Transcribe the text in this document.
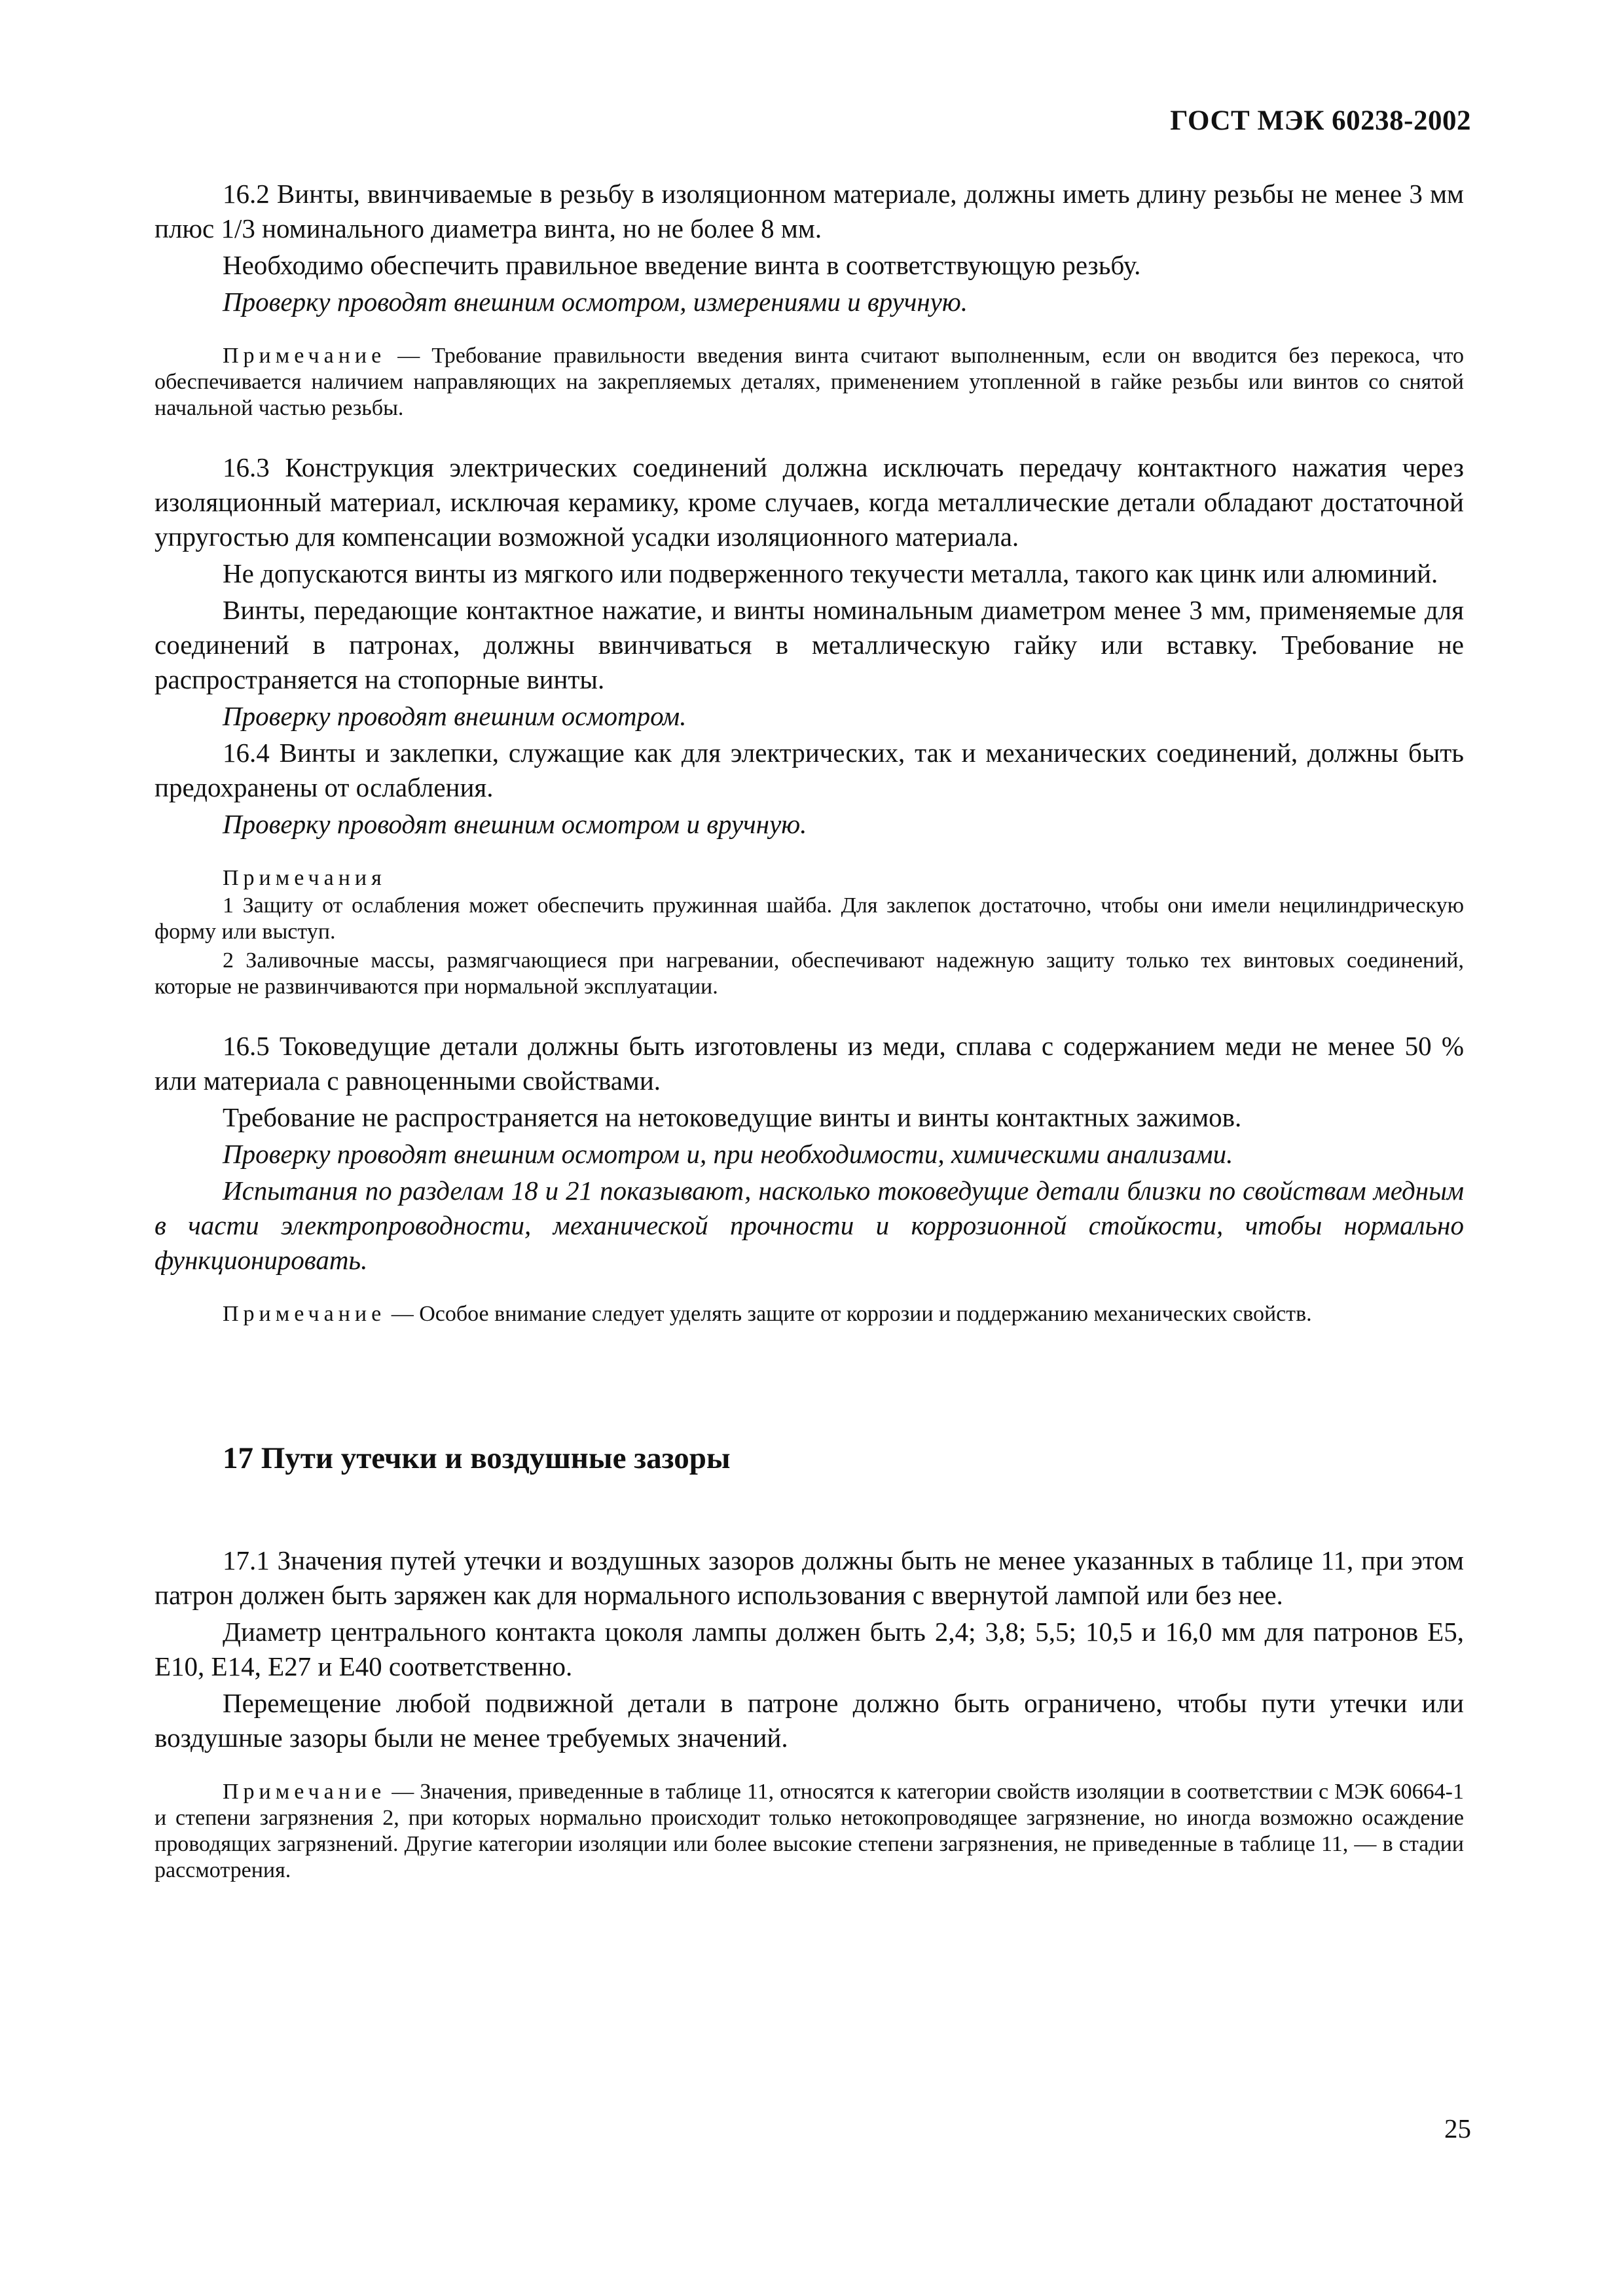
ГОСТ МЭК 60238-2002

16.2 Винты, ввинчиваемые в резьбу в изоляционном материале, должны иметь длину резьбы не менее 3 мм плюс 1/3 номинального диаметра винта, но не более 8 мм.

Необходимо обеспечить правильное введение винта в соответствующую резьбу.

Проверку проводят внешним осмотром, измерениями и вручную.

Примечание — Требование правильности введения винта считают выполненным, если он вводится без перекоса, что обеспечивается наличием направляющих на закрепляемых деталях, применением утопленной в гайке резьбы или винтов со снятой начальной частью резьбы.

16.3 Конструкция электрических соединений должна исключать передачу контактного нажатия через изоляционный материал, исключая керамику, кроме случаев, когда металлические детали обладают достаточной упругостью для компенсации возможной усадки изоляционного материала.

Не допускаются винты из мягкого или подверженного текучести металла, такого как цинк или алюминий.

Винты, передающие контактное нажатие, и винты номинальным диаметром менее 3 мм, применяемые для соединений в патронах, должны ввинчиваться в металлическую гайку или вставку. Требование не распространяется на стопорные винты.

Проверку проводят внешним осмотром.

16.4 Винты и заклепки, служащие как для электрических, так и механических соединений, должны быть предохранены от ослабления.

Проверку проводят внешним осмотром и вручную.

Примечания

1 Защиту от ослабления может обеспечить пружинная шайба. Для заклепок достаточно, чтобы они имели нецилиндрическую форму или выступ.

2 Заливочные массы, размягчающиеся при нагревании, обеспечивают надежную защиту только тех винтовых соединений, которые не развинчиваются при нормальной эксплуатации.

16.5 Токоведущие детали должны быть изготовлены из меди, сплава с содержанием меди не менее 50 % или материала с равноценными свойствами.

Требование не распространяется на нетоковедущие винты и винты контактных зажимов.

Проверку проводят внешним осмотром и, при необходимости, химическими анализами.

Испытания по разделам 18 и 21 показывают, насколько токоведущие детали близки по свойствам медным в части электропроводности, механической прочности и коррозионной стойкости, чтобы нормально функционировать.

Примечание — Особое внимание следует уделять защите от коррозии и поддержанию механических свойств.

17 Пути утечки и воздушные зазоры

17.1 Значения путей утечки и воздушных зазоров должны быть не менее указанных в таблице 11, при этом патрон должен быть заряжен как для нормального использования с ввернутой лампой или без нее.

Диаметр центрального контакта цоколя лампы должен быть 2,4; 3,8; 5,5; 10,5 и 16,0 мм для патронов Е5, Е10, Е14, Е27 и Е40 соответственно.

Перемещение любой подвижной детали в патроне должно быть ограничено, чтобы пути утечки или воздушные зазоры были не менее требуемых значений.

Примечание — Значения, приведенные в таблице 11, относятся к категории свойств изоляции в соответствии с МЭК 60664-1 и степени загрязнения 2, при которых нормально происходит только нетокопроводящее загрязнение, но иногда возможно осаждение проводящих загрязнений. Другие категории изоляции или более высокие степени загрязнения, не приведенные в таблице 11, — в стадии рассмотрения.

25
